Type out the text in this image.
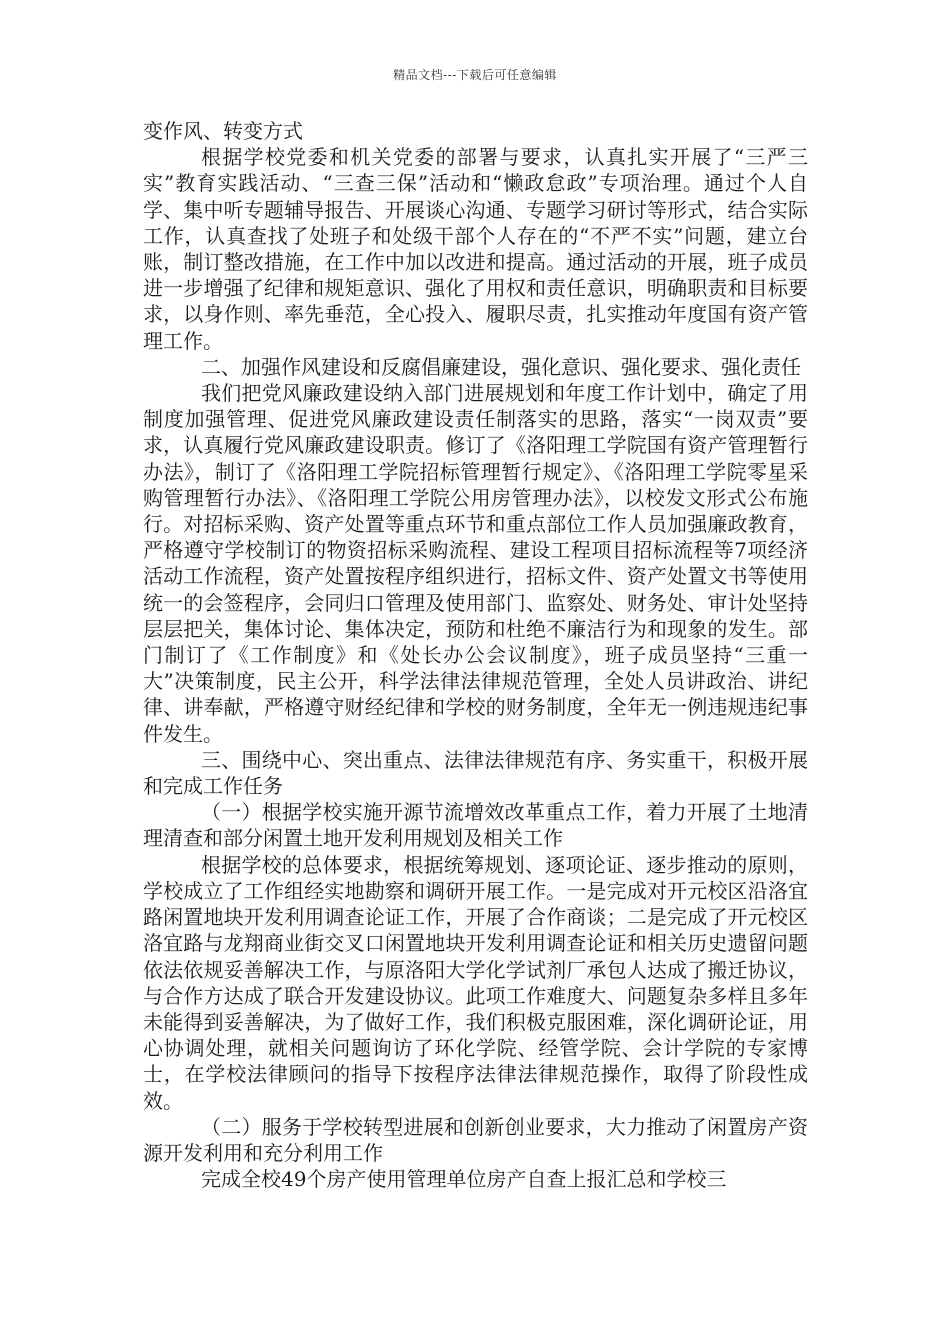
精品文档---下载后可任意编辑

变作风、转变方式

根据学校党委和机关党委的部署与要求，认真扎实开展了“三严三实”教育实践活动、“三查三保”活动和“懒政怠政”专项治理。通过个人自学、集中听专题辅导报告、开展谈心沟通、专题学习研讨等形式，结合实际工作，认真查找了处班子和处级干部个人存在的“不严不实”问题，建立台账，制订整改措施，在工作中加以改进和提高。通过活动的开展，班子成员进一步增强了纪律和规矩意识、强化了用权和责任意识，明确职责和目标要求，以身作则、率先垂范，全心投入、履职尽责，扎实推动年度国有资产管理工作。

二、加强作风建设和反腐倡廉建设，强化意识、强化要求、强化责任

我们把党风廉政建设纳入部门进展规划和年度工作计划中，确定了用制度加强管理、促进党风廉政建设责任制落实的思路，落实“一岗双责”要求，认真履行党风廉政建设职责。修订了《洛阳理工学院国有资产管理暂行办法》，制订了《洛阳理工学院招标管理暂行规定》、《洛阳理工学院零星采购管理暂行办法》、《洛阳理工学院公用房管理办法》，以校发文形式公布施行。对招标采购、资产处置等重点环节和重点部位工作人员加强廉政教育，严格遵守学校制订的物资招标采购流程、建设工程项目招标流程等7项经济活动工作流程，资产处置按程序组织进行，招标文件、资产处置文书等使用统一的会签程序，会同归口管理及使用部门、监察处、财务处、审计处坚持层层把关，集体讨论、集体决定，预防和杜绝不廉洁行为和现象的发生。部门制订了《工作制度》和《处长办公会议制度》，班子成员坚持“三重一大”决策制度，民主公开，科学法律法律规范管理，全处人员讲政治、讲纪律、讲奉献，严格遵守财经纪律和学校的财务制度，全年无一例违规违纪事件发生。

三、围绕中心、突出重点、法律法律规范有序、务实重干，积极开展和完成工作任务

（一）根据学校实施开源节流增效改革重点工作，着力开展了土地清理清查和部分闲置土地开发利用规划及相关工作

根据学校的总体要求，根据统筹规划、逐项论证、逐步推动的原则，学校成立了工作组经实地勘察和调研开展工作。一是完成对开元校区沿洛宜路闲置地块开发利用调查论证工作，开展了合作商谈；二是完成了开元校区洛宜路与龙翔商业街交叉口闲置地块开发利用调查论证和相关历史遗留问题依法依规妥善解决工作，与原洛阳大学化学试剂厂承包人达成了搬迁协议，与合作方达成了联合开发建设协议。此项工作难度大、问题复杂多样且多年未能得到妥善解决，为了做好工作，我们积极克服困难，深化调研论证，用心协调处理，就相关问题询访了环化学院、经管学院、会计学院的专家博士，在学校法律顾问的指导下按程序法律法律规范操作，取得了阶段性成效。

（二）服务于学校转型进展和创新创业要求，大力推动了闲置房产资源开发利用和充分利用工作

完成全校49个房产使用管理单位房产自查上报汇总和学校三
